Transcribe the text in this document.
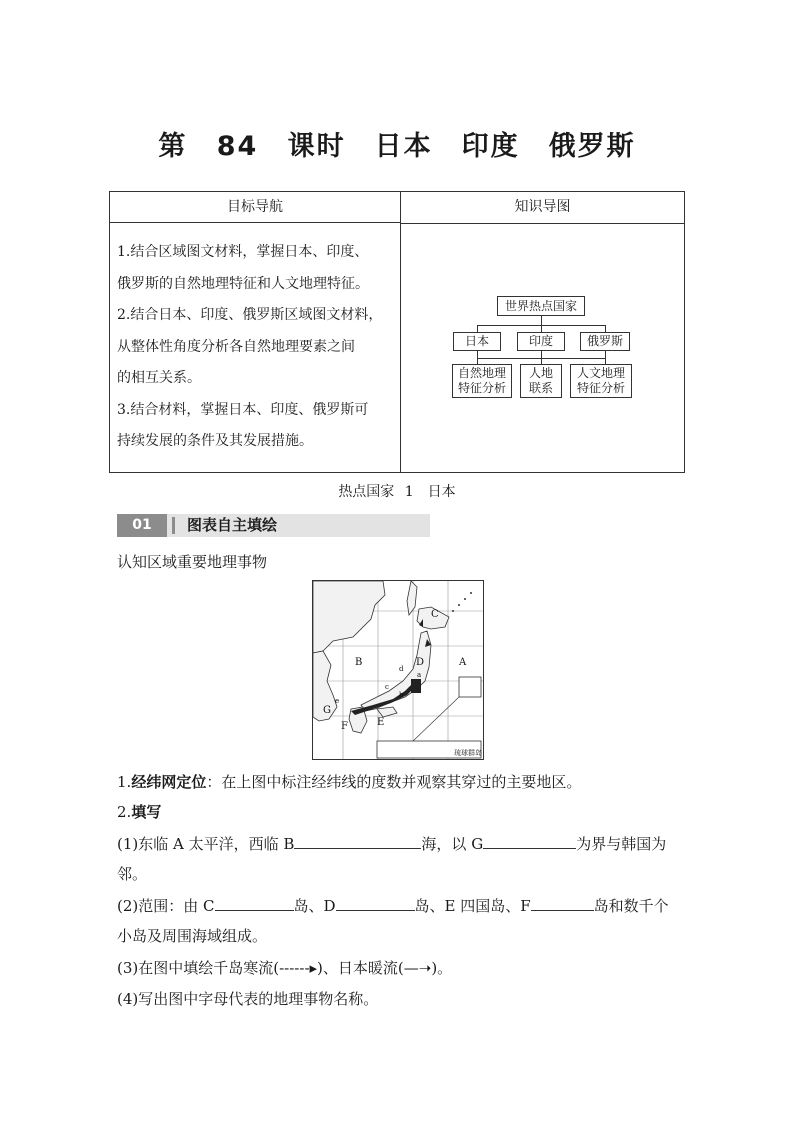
第 84 课时　日本　印度　俄罗斯
目标导航	知识导图

1.结合区域图文材料，掌握日本、印度、

俄罗斯的自然地理特征和人文地理特征。

2.结合日本、印度、俄罗斯区域图文材料，

从整体性角度分析各自然地理要素之间

的相互关系。

3.结合材料，掌握日本、印度、俄罗斯可

持续发展的条件及其发展措施。

世界热点国家
日本	印度	俄罗斯
自然地理
特征分析
人地
联系
人文地理
特征分析
热点国家 1　日本
01	图表自主填绘
认知区域重要地理事物
琉球群岛
A
B
C
D
E
F
G
a
b
c
d
e
1.经纬网定位：在上图中标注经纬线的度数并观察其穿过的主要地区。
2.填写
(1)东临 A 太平洋，西临 B	海，以 G	为界与韩国为
邻。
(2)范围：由 C	岛、D	岛、E 四国岛、F	岛和数千个
小岛及周围海域组成。
(3)在图中填绘千岛寒流(------▸)、日本暖流(—➝)。
(4)写出图中字母代表的地理事物名称。
